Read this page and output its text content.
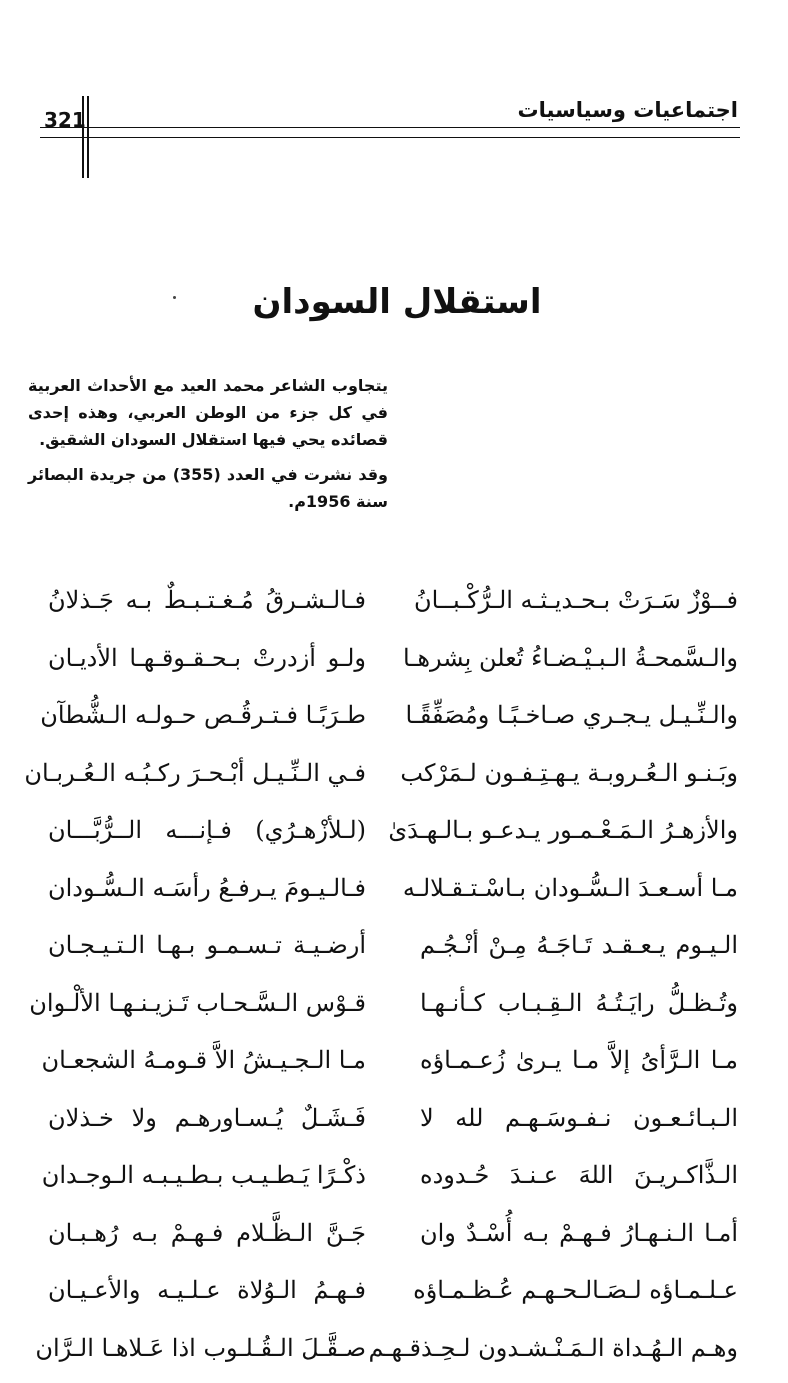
321	اجتماعيات وسياسيات
استقلال السودان

يتجاوب الشاعر محمد العيد مع الأحداث العربية في كل جزء من الوطن العربي، وهذه إحدى قصائده يحي فيها استقلال السودان الشقيق.

وقد نشرت في العدد (355) من جريدة البصائر سنة 1956م.

فــوْزٌ سَـرَتْ بـحـديـثـه الـرُّكْـبــانُ
فـالـشـرقُ مُـغـتـبـطٌ بـه جَـذلانُ
والـسَّمحـةُ الـبـيْـضـاءُ تُعلن بِشرهـا
ولـو أزدرتْ بـحـقـوقـهـا الأديـان
والـنِّـيـل يـجـري صـاخـبًـا ومُصَفِّقًـا
طـرَبًـا فـتـرقُـص حـولـه الـشُّطآن
وبَـنـو الـعُـروبـة يـهـتِـفـون لـمَرْكب
فـي الـنِّـيـل أبْـحـرَ ركـبُـه الـعُـربـان
والأزهـرُ الـمَـعْـمـور يـدعـو بـالـهـدَىٰ
(لـلأزْهـرُي) فـإنـــه الــرُّبَّـــان
مـا أسـعـدَ الـسُّـودان بـاسْـتـقـلالـه
فـالـيـومَ يـرفـعُ رأسَـه الـسُّـودان
الـيـوم يـعـقـد تَـاجَـهُ مِـنْ أنْـجُـم
أرضـيـة تـسـمـو بـهـا الـتـيـجـان
وتُـظـلُّ رايَـتُـهُ الـقِـبـاب كـأنـهـا
قـوْس الـسَّـحـاب تَـزيـنـهـا الألْـوان
مـا الـرَّأىُ إلاَّ مـا يـرىٰ زُعـمـاؤه
مـا الـجـيـشُ الاَّ قـومـهُ الشجعـان
الـبـائـعـون نـفـوسَـهـم لله لا
فَـشَـلٌ يُـسـاورهـم ولا خـذلان
الـذَّاكـريـنَ اللهَ عـنـدَ حُـدوده
ذكْـرًا يَـطـيـب بـطـيـبـه الـوجـدان
أمـا الـنـهـارُ فـهـمْ بـه أُسْـدٌ وان
جَـنَّ الـظَّـلام فـهـمْ بـه رُهـبـان
عـلـمـاؤه لـصَـالـحـهـم عُـظـمـاؤه
فـهـمُ الـوُلاة عـلـيـه والأعـيـان
وهـم الـهُـداة الـمَـنْـشـدون لـحِـذقـهـم
صـقَّـلَ الـقُـلـوب اذا عَـلاهـا الـرَّان
